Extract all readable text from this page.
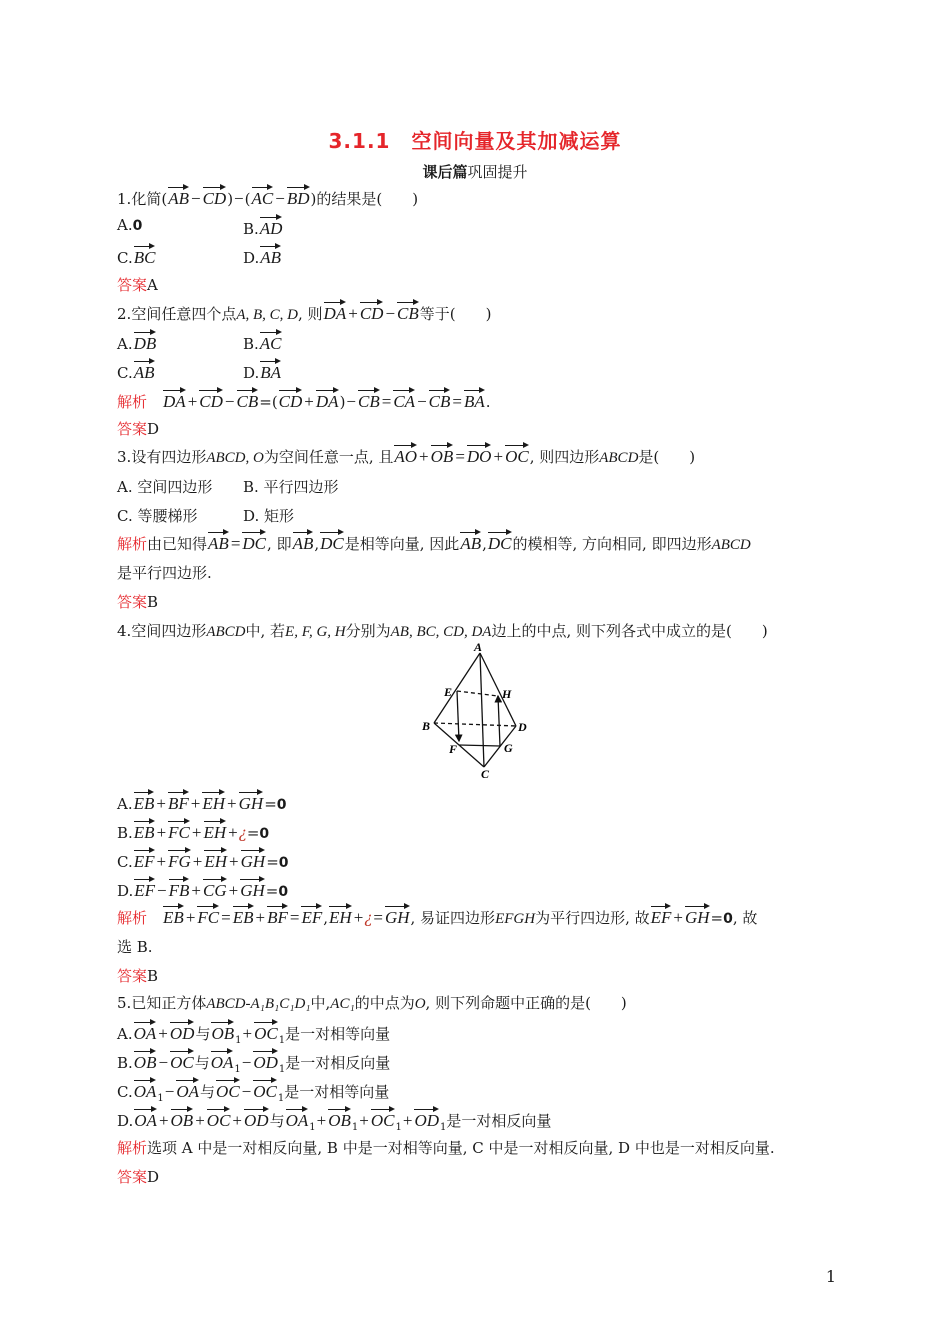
3.1.1　空间向量及其加减运算
课后篇巩固提升
1.化简(AB − CD)−(AC − BD)的结果是(　　)
A.0	B.AD
C.BC	D.AB
答案A
2.空间任意四个点A, B, C, D, 则DA + CD − CB等于(　　)
A.DB	B.AC
C.AB	D.BA
解析　 DA + CD − CB=(CD + DA)− CB = CA − CB = BA.
答案D
3.设有四边形ABCD, O为空间任意一点, 且AO + OB = DO + OC, 则四边形ABCD是(　　)
A. 空间四边形 B. 平行四边形
C. 等腰梯形	D. 矩形
解析由已知得AB = DC, 即AB,DC是相等向量, 因此AB,DC的模相等, 方向相同, 即四边形ABCD
是平行四边形.
答案B
4.空间四边形ABCD中, 若E, F, G, H分别为AB, BC, CD, DA边上的中点, 则下列各式中成立的是(　　)
A
B
C
D
E
F	G
H
A.EB + BF + EH + GH=0
B.EB + FC + EH +¿=0
C.EF + FG + EH + GH=0
D.EF − FB + CG + GH=0
解析　 EB + FC = EB + BF = EF,EH +¿= GH, 易证四边形EFGH为平行四边形, 故EF + GH=0, 故
选 B.
答案B
5.已知正方体ABCD-A₁B₁C₁D₁中,AC₁的中点为O, 则下列命题中正确的是(　　)
A.OA + OD与$OB_1+ OC_1$是一对相等向量
B.OB − OC与$OA_1- OD_1$是一对相反向量
$C.OA_1-$ OA与OC − $OC_1$是一对相等向量
D.OA + OB + OC + OD与$OA_1+ OB_1+ OC_1+ OD_1$是一对相反向量
解析选项 A 中是一对相反向量, B 中是一对相等向量, C 中是一对相反向量, D 中也是一对相反向量.
答案D
1
